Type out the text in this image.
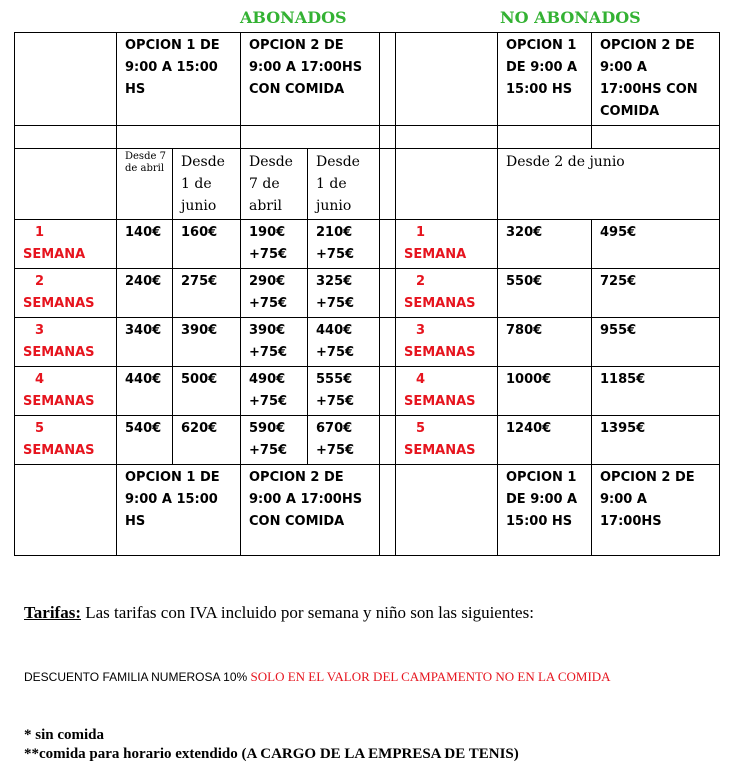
ABONADOS	NO ABONADOS
	OPCION 1 DE 9:00 A 15:00 HS		OPCION 2 DE 9:00 A 17:00HS CON COMIDA				OPCION 1 DE 9:00 A 15:00 HS	OPCION 2 DE 9:00 A 17:00HS CON COMIDA

	Desde 7 de abril	Desde 1 de junio	Desde 7 de abril	Desde 1 de junio			Desde 2 de junio	
1 SEMANA	140€	160€	190€ +75€	210€ +75€		1 SEMANA	320€	495€
2 SEMANAS	240€	275€	290€ +75€	325€ +75€		2 SEMANAS	550€	725€
3 SEMANAS	340€	390€	390€ +75€	440€ +75€		3 SEMANAS	780€	955€
4 SEMANAS	440€	500€	490€ +75€	555€ +75€		4 SEMANAS	1000€	1185€
5 SEMANAS	540€	620€	590€ +75€	670€ +75€		5 SEMANAS	1240€	1395€
	OPCION 1 DE 9:00 A 15:00 HS		OPCION 2 DE 9:00 A 17:00HS CON COMIDA				OPCION 1 DE 9:00 A 15:00 HS	OPCION 2 DE 9:00 A 17:00HS
Tarifas: Las tarifas con IVA incluido por semana y niño son las siguientes:
DESCUENTO FAMILIA NUMEROSA 10% SOLO EN EL VALOR DEL CAMPAMENTO NO EN LA COMIDA
* sin comida
**comida para horario extendido (A CARGO DE LA EMPRESA DE TENIS)
